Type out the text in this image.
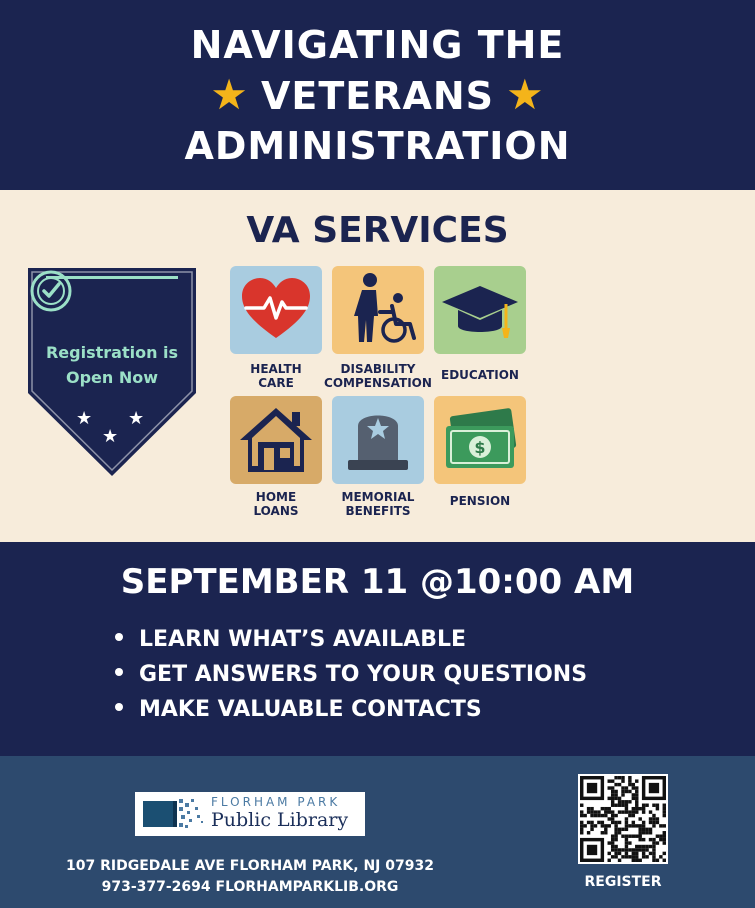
NAVIGATING THE
★ VETERANS ★
ADMINISTRATION
VA SERVICES
Registration is
Open Now
★ ★
★
HEALTH
CARE
DISABILITY
COMPENSATION
EDUCATION
HOME
LOANS
MEMORIAL
BENEFITS
$
PENSION
SEPTEMBER 11 @10:00 AM
LEARN WHAT’S AVAILABLE
GET ANSWERS TO YOUR QUESTIONS
MAKE VALUABLE CONTACTS
FLORHAM PARK
Public Library
107 RIDGEDALE AVE FLORHAM PARK, NJ 07932
973-377-2694 FLORHAMPARKLIB.ORG	REGISTER
